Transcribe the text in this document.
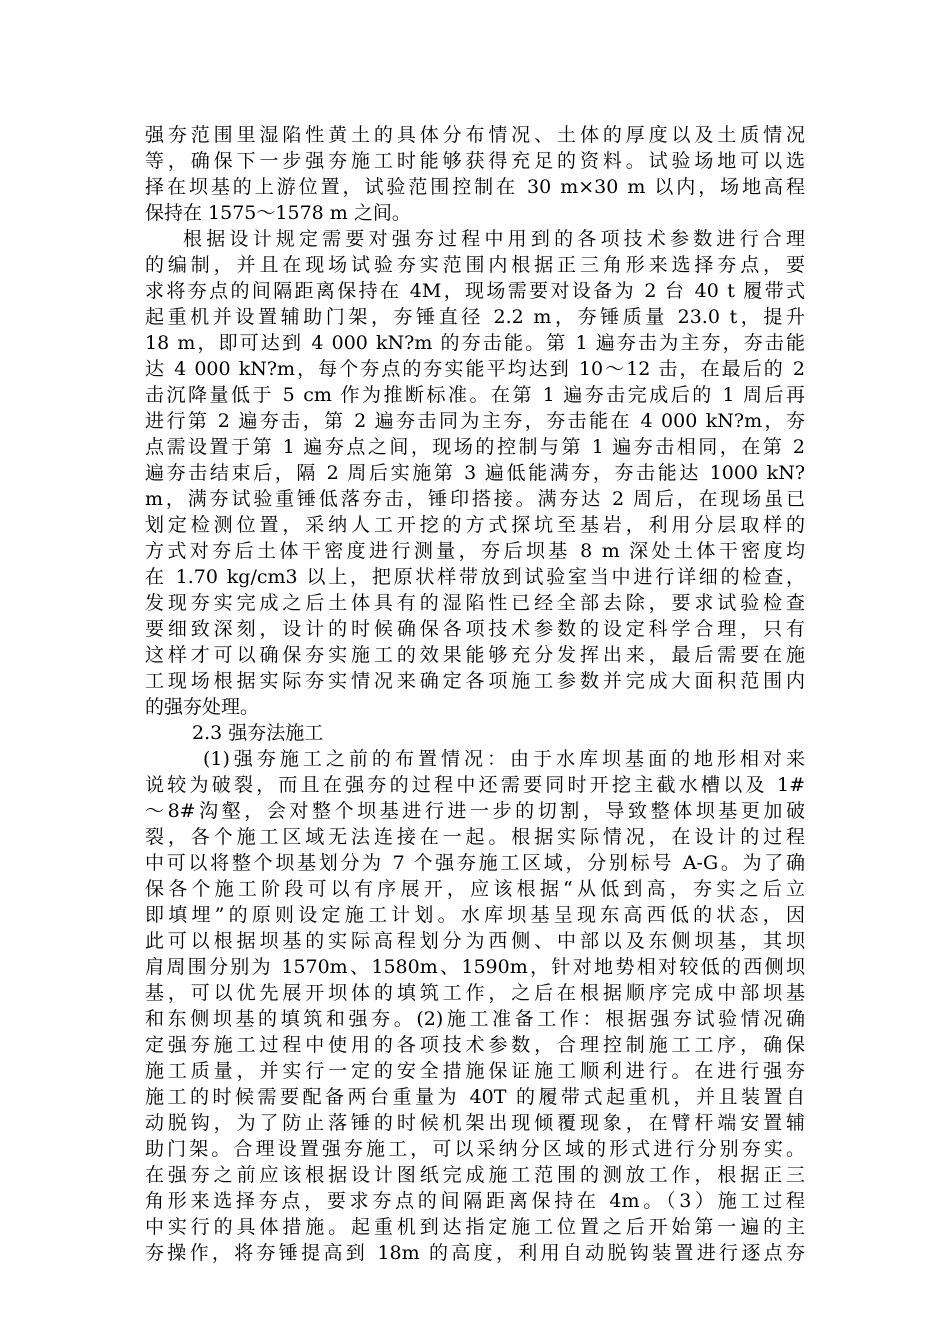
强夯范围里湿陷性黄土的具体分布情况、土体的厚度以及土质情况
等，确保下一步强夯施工时能够获得充足的资料。试验场地可以选
择在坝基的上游位置，试验范围控制在 30 m×30 m 以内，场地高程
保持在 1575～1578 m 之间。
根据设计规定需要对强夯过程中用到的各项技术参数进行合理
的编制，并且在现场试验夯实范围内根据正三角形来选择夯点，要
求将夯点的间隔距离保持在 4M，现场需要对设备为 2 台 40 t 履带式
起重机并设置辅助门架，夯锤直径 2.2 m，夯锤质量 23.0 t，提升
18 m，即可达到 4 000 kN?m 的夯击能。第 1 遍夯击为主夯，夯击能
达 4 000 kN?m，每个夯点的夯实能平均达到 10～12 击，在最后的 2
击沉降量低于 5 cm 作为推断标准。在第 1 遍夯击完成后的 1 周后再
进行第 2 遍夯击，第 2 遍夯击同为主夯，夯击能在 4 000 kN?m，夯
点需设置于第 1 遍夯点之间，现场的控制与第 1 遍夯击相同，在第 2
遍夯击结束后，隔 2 周后实施第 3 遍低能满夯，夯击能达 1000 kN?
m，满夯试验重锤低落夯击，锤印搭接。满夯达 2 周后，在现场虽已
划定检测位置，采纳人工开挖的方式探坑至基岩，利用分层取样的
方式对夯后土体干密度进行测量，夯后坝基 8 m 深处土体干密度均
在 1.70 kg/cm3 以上，把原状样带放到试验室当中进行详细的检查，
发现夯实完成之后土体具有的湿陷性已经全部去除，要求试验检查
要细致深刻，设计的时候确保各项技术参数的设定科学合理，只有
这样才可以确保夯实施工的效果能够充分发挥出来，最后需要在施
工现场根据实际夯实情况来确定各项施工参数并完成大面积范围内
的强夯处理。
2.3 强夯法施工
(1)强夯施工之前的布置情况：由于水库坝基面的地形相对来
说较为破裂，而且在强夯的过程中还需要同时开挖主截水槽以及 1#
～8#沟壑，会对整个坝基进行进一步的切割，导致整体坝基更加破
裂，各个施工区域无法连接在一起。根据实际情况，在设计的过程
中可以将整个坝基划分为 7 个强夯施工区域，分别标号 A-G。为了确
保各个施工阶段可以有序展开，应该根据“从低到高，夯实之后立
即填埋”的原则设定施工计划。水库坝基呈现东高西低的状态，因
此可以根据坝基的实际高程划分为西侧、中部以及东侧坝基，其坝
肩周围分别为 1570m、1580m、1590m，针对地势相对较低的西侧坝
基，可以优先展开坝体的填筑工作，之后在根据顺序完成中部坝基
和东侧坝基的填筑和强夯。(2)施工准备工作：根据强夯试验情况确
定强夯施工过程中使用的各项技术参数，合理控制施工工序，确保
施工质量，并实行一定的安全措施保证施工顺利进行。在进行强夯
施工的时候需要配备两台重量为 40T 的履带式起重机，并且装置自
动脱钩，为了防止落锤的时候机架出现倾覆现象，在臂杆端安置辅
助门架。合理设置强夯施工，可以采纳分区域的形式进行分别夯实。
在强夯之前应该根据设计图纸完成施工范围的测放工作，根据正三
角形来选择夯点，要求夯点的间隔距离保持在 4m。（3）施工过程
中实行的具体措施。起重机到达指定施工位置之后开始第一遍的主
夯操作，将夯锤提高到 18m 的高度，利用自动脱钩装置进行逐点夯
